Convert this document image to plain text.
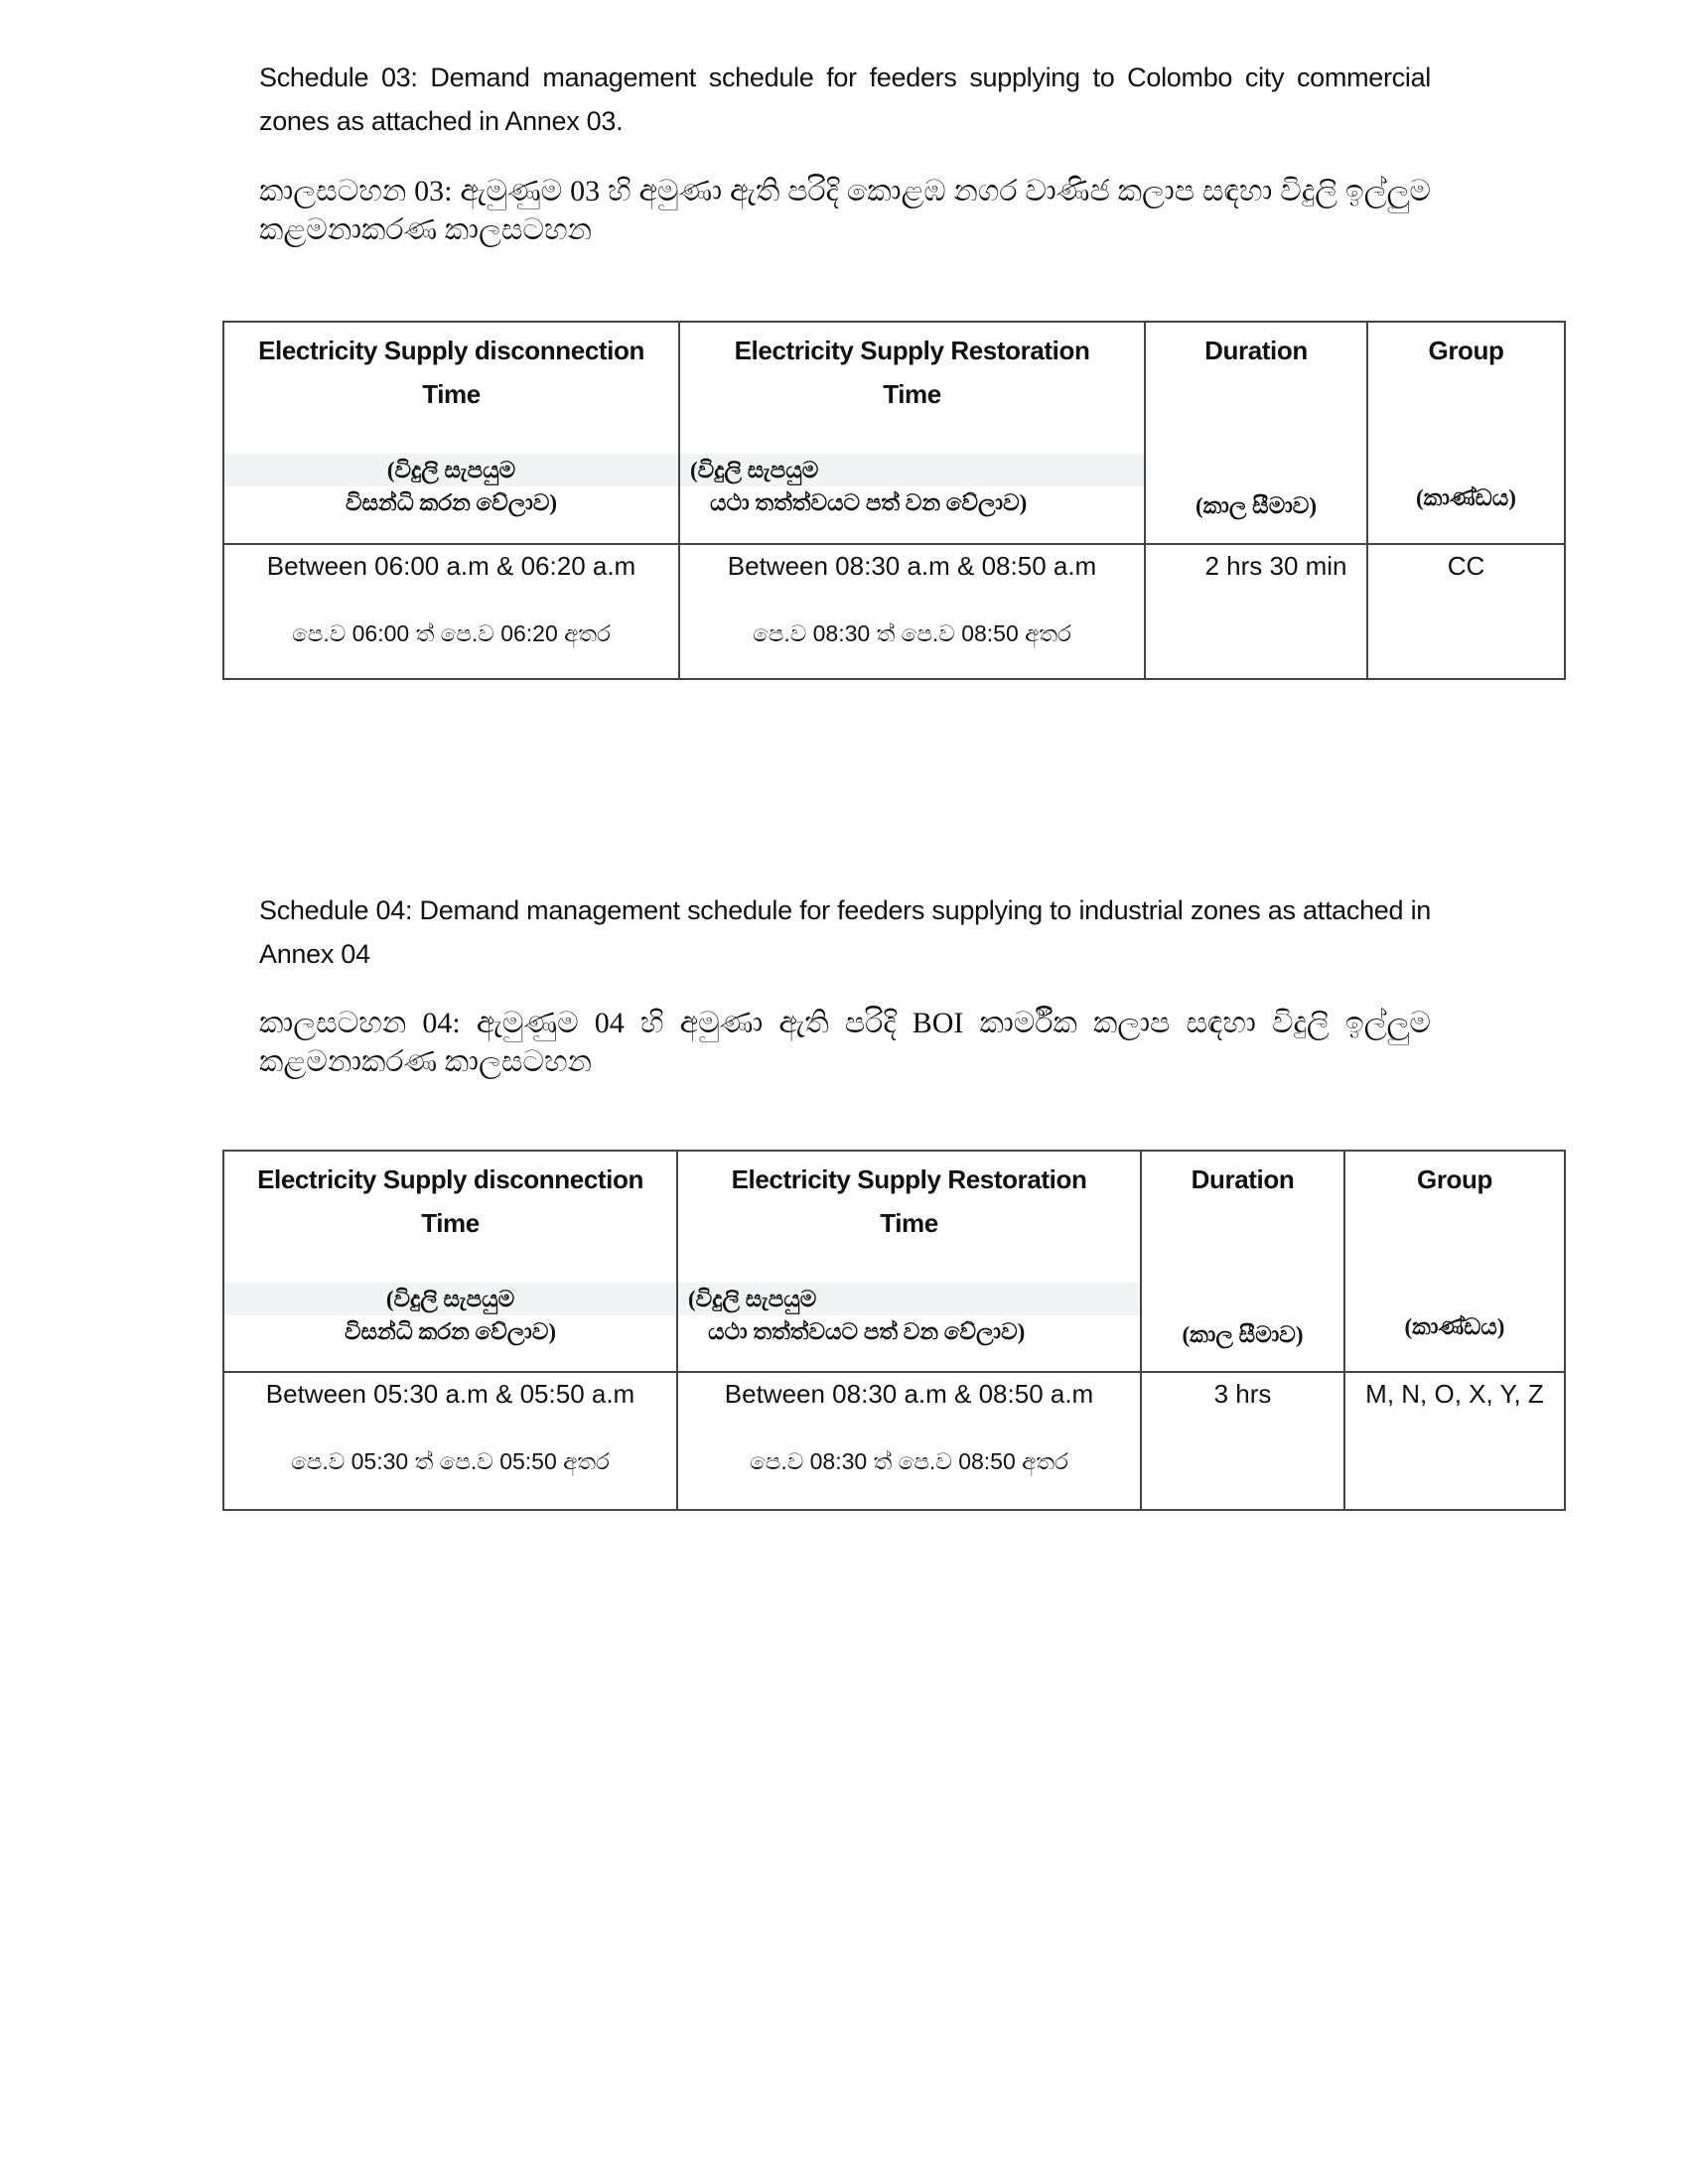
Schedule 03: Demand management schedule for feeders supplying to Colombo city commercial zones as attached in Annex 03.
කාලසටහන 03: ඇමුණුම 03 හි අමුණා ඇති පරිදි කොළඹ නගර වාණිජ කලාප සඳහා විදුලි ඉල්ලුම කළමනාකරණ කාලසටහන
Electricity Supply disconnection
Time
(විදුලි සැපයුම
විසන්ධි කරන වේලාව)	Electricity Supply Restoration
Time
(විදුලි සැපයුම
යථා තත්ත්වයට පත් වන වේලාව)	Duration
(කාල සීමාව)	Group
(කාණ්ඩය)

Between 06:00 a.m & 06:20 a.m
පෙ.ව 06:00 ත් පෙ.ව 06:20 අතර	Between 08:30 a.m & 08:50 a.m
පෙ.ව 08:30 ත් පෙ.ව 08:50 අතර	2 hrs 30 min	CC
Schedule 04: Demand management schedule for feeders supplying to industrial zones as attached in Annex 04
කාලසටහන 04: ඇමුණුම 04 හි අමුණා ඇති පරිදි BOI කාර්මීක කලාප සඳහා විදුලි ඉල්ලුම කළමනාකරණ කාලසටහන
Electricity Supply disconnection
Time
(විදුලි සැපයුම
විසන්ධි කරන වේලාව)	Electricity Supply Restoration
Time
(විදුලි සැපයුම
යථා තත්ත්වයට පත් වන වේලාව)	Duration
(කාල සීමාව)	Group
(කාණ්ඩය)

Between 05:30 a.m & 05:50 a.m
පෙ.ව 05:30 ත් පෙ.ව 05:50 අතර	Between 08:30 a.m & 08:50 a.m
පෙ.ව 08:30 ත් පෙ.ව 08:50 අතර	3 hrs	M, N, O, X, Y, Z
